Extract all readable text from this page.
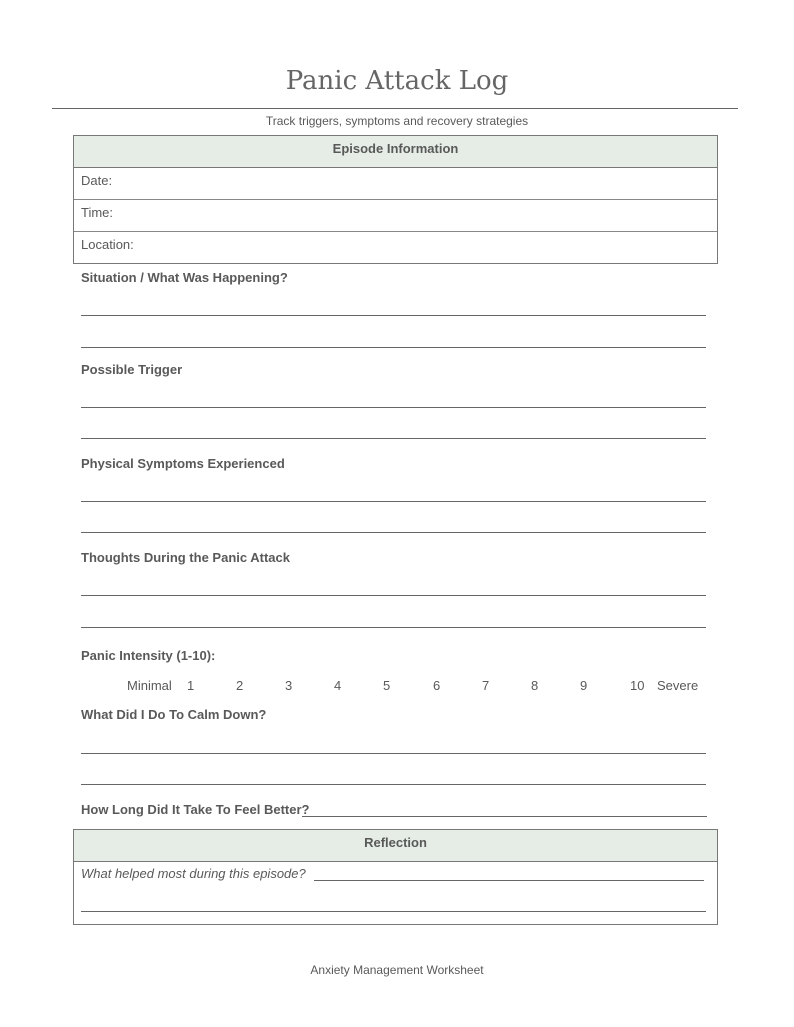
Panic Attack Log
Track triggers, symptoms and recovery strategies
Episode Information
Date:
Time:
Location:
Situation / What Was Happening?
Possible Trigger
Physical Symptoms Experienced
Thoughts During the Panic Attack
Panic Intensity (1-10):
Minimal 1	2	3	4	5	6	7	8	9	10 Severe
What Did I Do To Calm Down?
How Long Did It Take To Feel Better?
Reflection
What helped most during this episode?
Anxiety Management Worksheet
